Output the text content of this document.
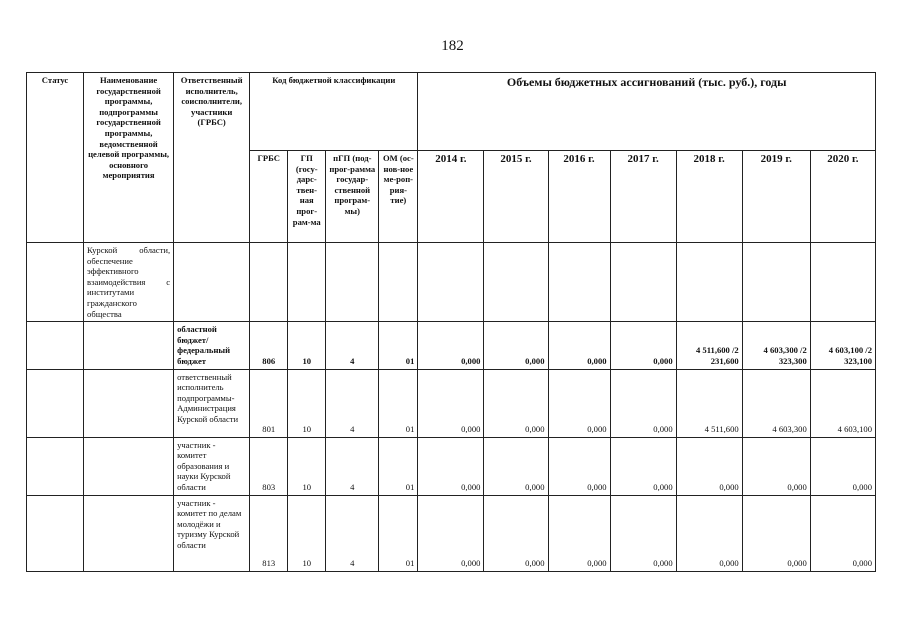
182
Статус	Наименование государственной программы, подпрограммы государственной программы, ведомственной целевой программы, основного мероприятия	Ответственный исполнитель, соисполнители, участники (ГРБС)	Код бюджетной классификации				Объемы бюджетных ассигнований (тыс. руб.), годы						
			ГРБС	ГП (госу-дарс-твен-ная прог-рам-ма	пГП (под-прог-рамма государ-ственной програм-мы)	ОМ (ос-нов-ное ме-роп-рия-тие)	2014 г.	2015 г.	2016 г.	2017 г.	2018 г.	2019 г.	2020 г.
	Курской области, обеспечение эффективного взаимодействия с институтами гражданского общества												
		областной бюджет/ федеральный бюджет	806	10	4	01	0,000	0,000	0,000	0,000	4 511,600 /2 231,600	4 603,300 /2 323,300	4 603,100 /2 323,100
		ответственный исполнитель подпрограммы-Администрация Курской области	801	10	4	01	0,000	0,000	0,000	0,000	4 511,600	4 603,300	4 603,100
		участник - комитет образования и науки Курской области	803	10	4	01	0,000	0,000	0,000	0,000	0,000	0,000	0,000
		участник - комитет по делам молодёжи и туризму Курской области	813	10	4	01	0,000	0,000	0,000	0,000	0,000	0,000	0,000
